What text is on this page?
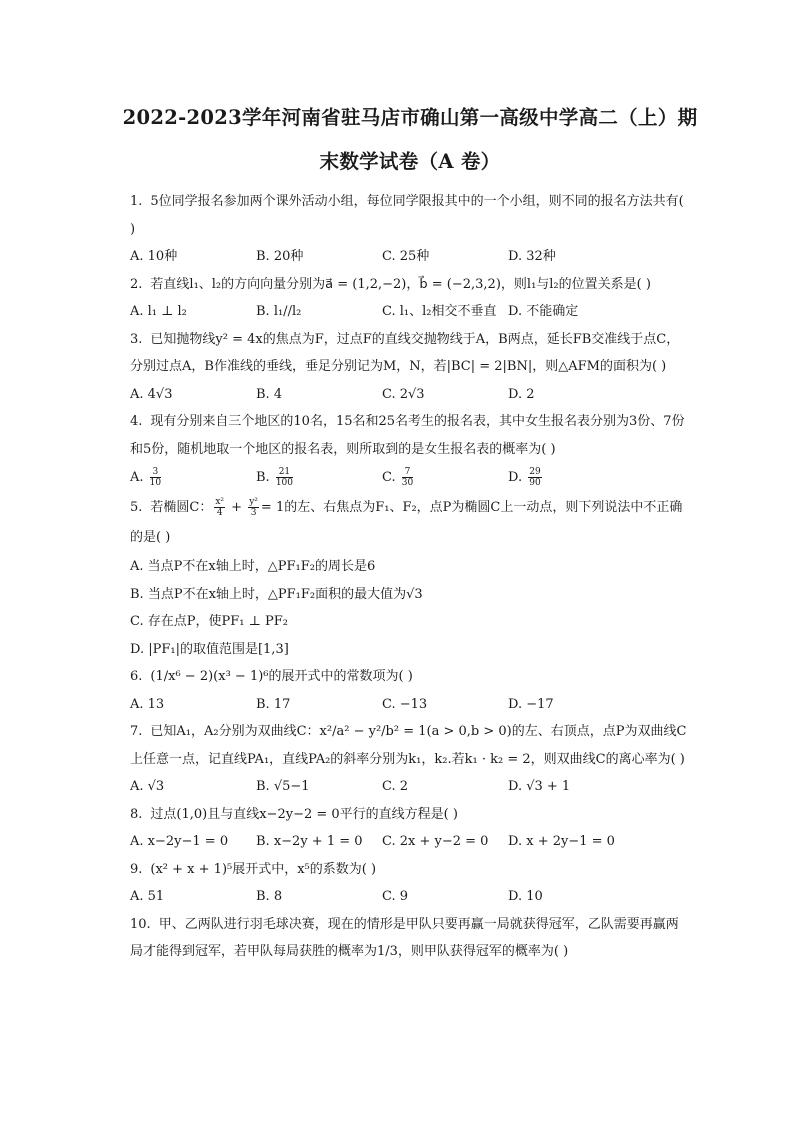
2022-2023学年河南省驻马店市确山第一高级中学高二（上）期
末数学试卷（A 卷）
1. 5位同学报名参加两个课外活动小组，每位同学限报其中的一个小组，则不同的报名方法共有( )
A. 10种	B. 20种	C. 25种	D. 32种
2. 若直线l₁、l₂的方向向量分别为a⃗ = (1,2,−2)，b⃗ = (−2,3,2)，则l₁与l₂的位置关系是( )
A. l₁ ⊥ l₂	B. l₁//l₂	C. l₁、l₂相交不垂直 D. 不能确定
3. 已知抛物线y² = 4x的焦点为F，过点F的直线交抛物线于A，B两点，延长FB交准线于点C，分别过点A，B作准线的垂线，垂足分别记为M，N，若|BC| = 2|BN|，则△AFM的面积为( )
A. 4√3	B. 4	C. 2√3	D. 2
4. 现有分别来自三个地区的10名，15名和25名考生的报名表，其中女生报名表分别为3份、7份和5份，随机地取一个地区的报名表，则所取到的是女生报名表的概率为( )
A. $\frac{3}{10}$	B. $\frac{21}{100}$	C. $\frac{7}{30}$	D. $\frac{29}{90}$
5. 若椭圆C： $\frac{\text{x²}}{4} + \frac{\text{y²}}{3} = 1$的左、右焦点为F₁、F₂，点P为椭圆C上一动点，则下列说法中不正确的是( )
A. 当点P不在x轴上时，△PF₁F₂的周长是6
B. 当点P不在x轴上时，△PF₁F₂面积的最大值为√3
C. 存在点P，使PF₁ ⊥ PF₂
D. |PF₁|的取值范围是[1,3]
6. (1/x⁶ − 2)(x³ − 1)⁶的展开式中的常数项为( )
A. 13	B. 17	C. −13	D. −17
7. 已知A₁，A₂分别为双曲线C：x²/a² − y²/b² = 1(a > 0,b > 0)的左、右顶点，点P为双曲线C上任意一点，记直线PA₁，直线PA₂的斜率分别为k₁，k₂.若k₁ · k₂ = 2，则双曲线C的离心率为( )
A. √3	B. √5−1	C. 2	D. √3 + 1
8. 过点(1,0)且与直线x−2y−2 = 0平行的直线方程是( )
A. x−2y−1 = 0	B. x−2y + 1 = 0	C. 2x + y−2 = 0	D. x + 2y−1 = 0
9. (x² + x + 1)⁵展开式中，x⁵的系数为( )
A. 51	B. 8	C. 9	D. 10
10. 甲、乙两队进行羽毛球决赛，现在的情形是甲队只要再赢一局就获得冠军，乙队需要再赢两局才能得到冠军，若甲队每局获胜的概率为1/3，则甲队获得冠军的概率为( )
